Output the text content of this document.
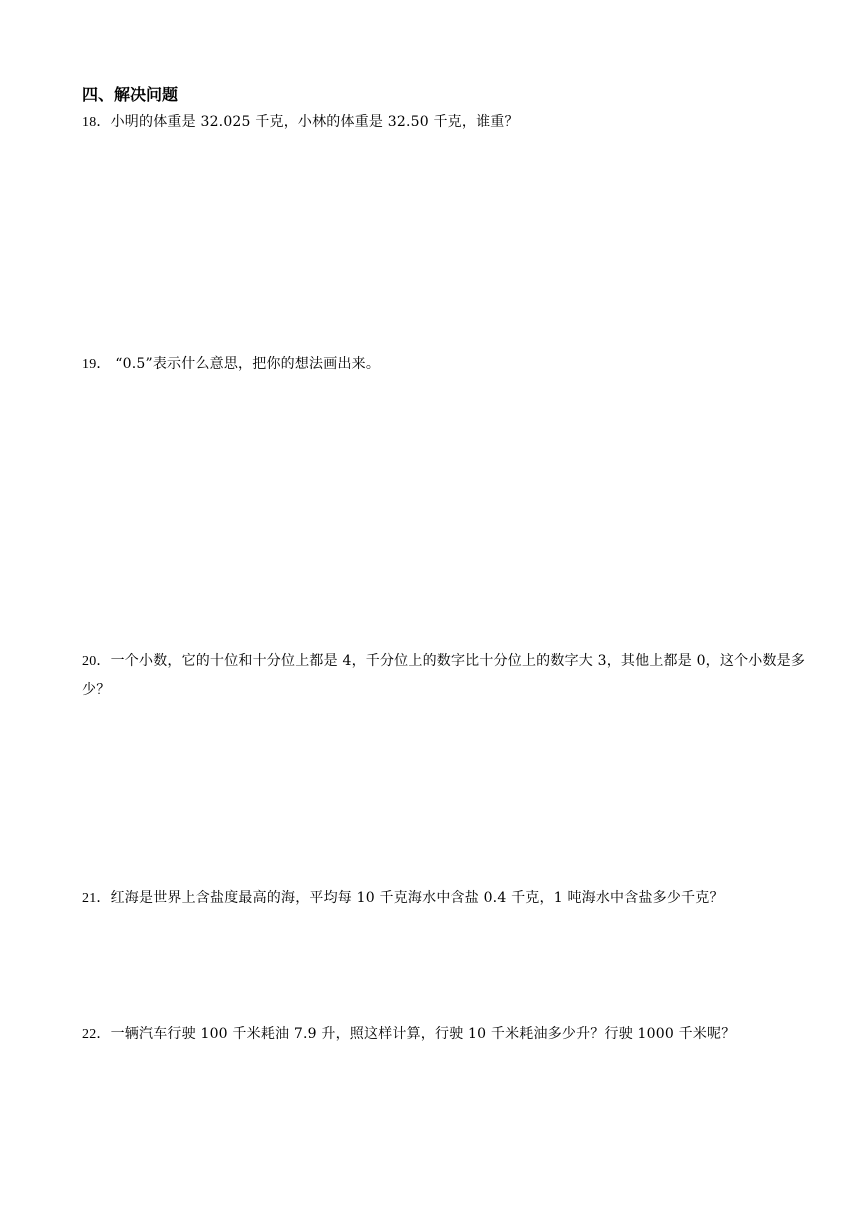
四、解决问题

18．小明的体重是 32.025 千克，小林的体重是 32.50 千克，谁重？

19． “0.5”表示什么意思，把你的想法画出来。

20．一个小数，它的十位和十分位上都是 4，千分位上的数字比十分位上的数字大 3，其他上都是 0，这个小数是多少？

21．红海是世界上含盐度最高的海，平均每 10 千克海水中含盐 0.4 千克，1 吨海水中含盐多少千克？

22．一辆汽车行驶 100 千米耗油 7.9 升，照这样计算，行驶 10 千米耗油多少升？行驶 1000 千米呢？
